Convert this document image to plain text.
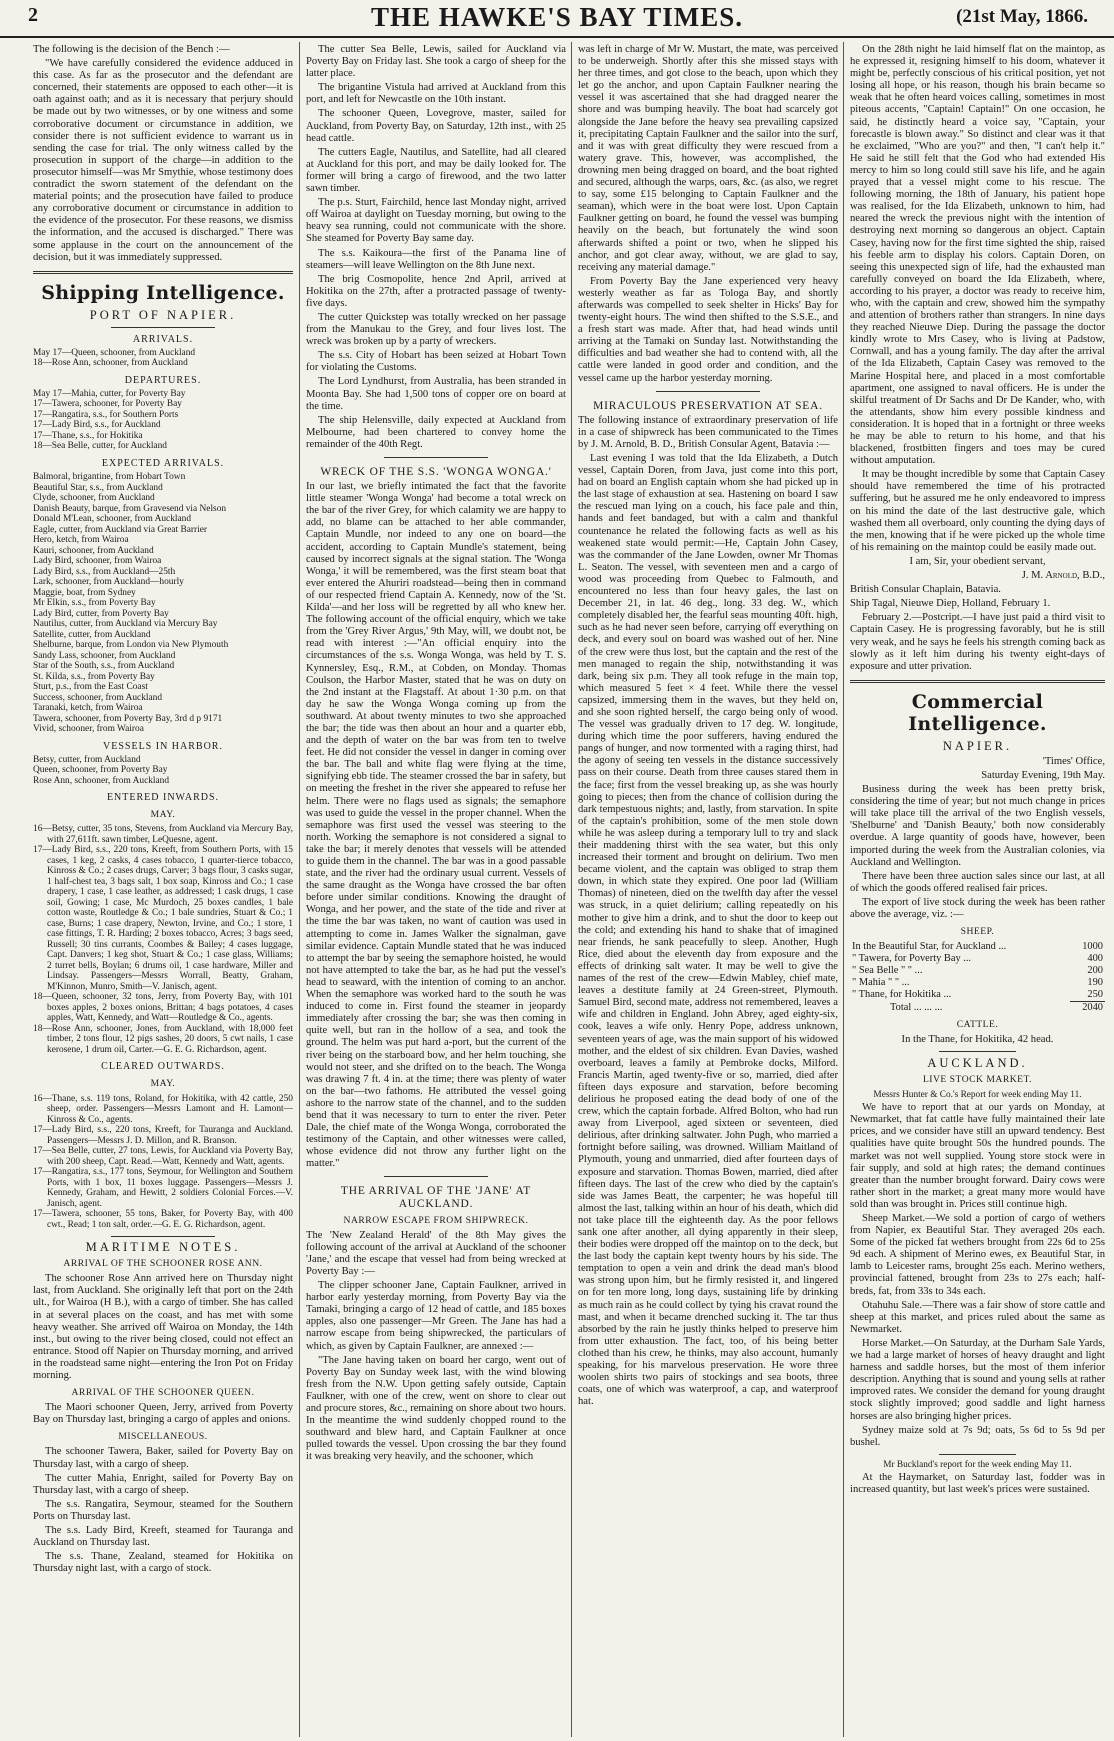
2	THE HAWKE'S BAY TIMES.	(21st May, 1866.

The following is the decision of the Bench :—

"We have carefully considered the evidence adduced in this case. As far as the prosecutor and the defendant are concerned, their statements are opposed to each other—it is oath against oath; and as it is necessary that perjury should be made out by two witnesses, or by one witness and some corroborative document or circumstance in addition, we consider there is not sufficient evidence to warrant us in sending the case for trial. The only witness called by the prosecution in support of the charge—in addition to the prosecutor himself—was Mr Smythie, whose testimony does contradict the sworn statement of the defendant on the material points; and the prosecution have failed to produce any corroborative document or circumstance in addition to the evidence of the prosecutor. For these reasons, we dismiss the information, and the accused is discharged." There was some applause in the court on the announcement of the decision, but it was immediately suppressed.

Shipping Intelligence.
PORT OF NAPIER.
ARRIVALS.
May 17—Queen, schooner, from Auckland
18—Rose Ann, schooner, from Auckland
DEPARTURES.
May 17—Mahia, cutter, for Poverty Bay
17—Tawera, schooner, for Poverty Bay
17—Rangatira, s.s., for Southern Ports
17—Lady Bird, s.s., for Auckland
17—Thane, s.s., for Hokitika
18—Sea Belle, cutter, for Auckland
EXPECTED ARRIVALS.
Balmoral, brigantine, from Hobart Town
Beautiful Star, s.s., from Auckland
Clyde, schooner, from Auckland
Danish Beauty, barque, from Gravesend via Nelson
Donald M'Lean, schooner, from Auckland
Eagle, cutter, from Auckland via Great Barrier
Hero, ketch, from Wairoa
Kauri, schooner, from Auckland
Lady Bird, schooner, from Wairoa
Lady Bird, s.s., from Auckland—25th
Lark, schooner, from Auckland—hourly
Maggie, boat, from Sydney
Mr Elkin, s.s., from Poverty Bay
Lady Bird, cutter, from Poverty Bay
Nautilus, cutter, from Auckland via Mercury Bay
Satellite, cutter, from Auckland
Shelburne, barque, from London via New Plymouth
Sandy Lass, schooner, from Auckland
Star of the South, s.s., from Auckland
St. Kilda, s.s., from Poverty Bay
Sturt, p.s., from the East Coast
Success, schooner, from Auckland
Taranaki, ketch, from Wairoa
Tawera, schooner, from Poverty Bay, 3rd d p 9171
Vivid, schooner, from Wairoa
VESSELS IN HARBOR.
Betsy, cutter, from Auckland
Queen, schooner, from Poverty Bay
Rose Ann, schooner, from Auckland
ENTERED INWARDS.
MAY.
16—Betsy, cutter, 35 tons, Stevens, from Auckland via Mercury Bay, with 27,611ft. sawn timber, LeQuesne, agent.
17—Lady Bird, s.s., 220 tons, Kreeft, from Southern Ports, with 15 cases, 1 keg, 2 casks, 4 cases tobacco, 1 quarter-tierce tobacco, Kinross & Co.; 2 cases drugs, Carver; 3 bags flour, 3 casks sugar, 1 half-chest tea, 3 bags salt, 1 box soap, Kinross and Co.; 1 case drapery, 1 case, 1 case leather, as addressed; 1 cask drugs, 1 case soil, Gowing; 1 case, Mc Murdoch, 25 boxes candles, 1 bale cotton waste, Routledge & Co.; 1 bale sundries, Stuart & Co.; 1 case, Burns; 1 case drapery, Newton, Irvine, and Co.; 1 store, 1 case fittings, T. R. Harding; 2 boxes tobacco, Acres; 3 bags seed, Russell; 30 tins currants, Coombes & Bailey; 4 cases luggage, Capt. Danvers; 1 keg shot, Stuart & Co.; 1 case glass, Williams; 2 turret bells, Boylan; 6 drums oil, 1 case hardware, Miller and Lindsay. Passengers—Messrs Worrall, Beatty, Graham, M'Kinnon, Munro, Smith—V. Janisch, agent.
18—Queen, schooner, 32 tons, Jerry, from Poverty Bay, with 101 boxes apples, 2 boxes onions, Brittan; 4 bags potatoes, 4 cases apples, Watt, Kennedy, and Watt—Routledge & Co., agents.
18—Rose Ann, schooner, Jones, from Auckland, with 18,000 feet timber, 2 tons flour, 12 pigs sashes, 20 doors, 5 cwt nails, 1 case kerosene, 1 drum oil, Carter.—G. E. G. Richardson, agent.
CLEARED OUTWARDS.
MAY.
16—Thane, s.s. 119 tons, Roland, for Hokitika, with 42 cattle, 250 sheep, order. Passengers—Messrs Lamont and H. Lamont—Kinross & Co., agents.
17—Lady Bird, s.s., 220 tons, Kreeft, for Tauranga and Auckland. Passengers—Messrs J. D. Millon, and R. Branson.
17—Sea Belle, cutter, 27 tons, Lewis, for Auckland via Poverty Bay, with 200 sheep, Capt. Read.—Watt, Kennedy and Watt, agents.
17—Rangatira, s.s., 177 tons, Seymour, for Wellington and Southern Ports, with 1 box, 11 boxes luggage. Passengers—Messrs J. Kennedy, Graham, and Hewitt, 2 soldiers Colonial Forces.—V. Janisch, agent.
17—Tawera, schooner, 55 tons, Baker, for Poverty Bay, with 400 cwt., Read; 1 ton salt, order.—G. E. G. Richardson, agent.
MARITIME NOTES.
ARRIVAL OF THE SCHOONER ROSE ANN.

The schooner Rose Ann arrived here on Thursday night last, from Auckland. She originally left that port on the 24th ult., for Wairoa (H B.), with a cargo of timber. She has called in at several places on the coast, and has met with some heavy weather. She arrived off Wairoa on Monday, the 14th inst., but owing to the river being closed, could not effect an entrance. Stood off Napier on Thursday morning, and arrived in the roadstead same night—entering the Iron Pot on Friday morning.

ARRIVAL OF THE SCHOONER QUEEN.

The Maori schooner Queen, Jerry, arrived from Poverty Bay on Thursday last, bringing a cargo of apples and onions.

MISCELLANEOUS.

The schooner Tawera, Baker, sailed for Poverty Bay on Thursday last, with a cargo of sheep.

The cutter Mahia, Enright, sailed for Poverty Bay on Thursday last, with a cargo of sheep.

The s.s. Rangatira, Seymour, steamed for the Southern Ports on Thursday last.

The s.s. Lady Bird, Kreeft, steamed for Tauranga and Auckland on Thursday last.

The s.s. Thane, Zealand, steamed for Hokitika on Thursday night last, with a cargo of stock.

The cutter Sea Belle, Lewis, sailed for Auckland via Poverty Bay on Friday last. She took a cargo of sheep for the latter place.

The brigantine Vistula had arrived at Auckland from this port, and left for Newcastle on the 10th instant.

The schooner Queen, Lovegrove, master, sailed for Auckland, from Poverty Bay, on Saturday, 12th inst., with 25 head cattle.

The cutters Eagle, Nautilus, and Satellite, had all cleared at Auckland for this port, and may be daily looked for. The former will bring a cargo of firewood, and the two latter sawn timber.

The p.s. Sturt, Fairchild, hence last Monday night, arrived off Wairoa at daylight on Tuesday morning, but owing to the heavy sea running, could not communicate with the shore. She steamed for Poverty Bay same day.

The s.s. Kaikoura—the first of the Panama line of steamers—will leave Wellington on the 8th June next.

The brig Cosmopolite, hence 2nd April, arrived at Hokitika on the 27th, after a protracted passage of twenty-five days.

The cutter Quickstep was totally wrecked on her passage from the Manukau to the Grey, and four lives lost. The wreck was broken up by a party of wreckers.

The s.s. City of Hobart has been seized at Hobart Town for violating the Customs.

The Lord Lyndhurst, from Australia, has been stranded in Moonta Bay. She had 1,500 tons of copper ore on board at the time.

The ship Helensville, daily expected at Auckland from Melbourne, had been chartered to convey home the remainder of the 40th Regt.

WRECK OF THE S.S. 'WONGA WONGA.'

In our last, we briefly intimated the fact that the favorite little steamer 'Wonga Wonga' had become a total wreck on the bar of the river Grey, for which calamity we are happy to add, no blame can be attached to her able commander, Captain Mundle, nor indeed to any one on board—the accident, according to Captain Mundle's statement, being caused by incorrect signals at the signal station. The 'Wonga Wonga,' it will be remembered, was the first steam boat that ever entered the Ahuriri roadstead—being then in command of our respected friend Captain A. Kennedy, now of the 'St. Kilda'—and her loss will be regretted by all who knew her. The following account of the official enquiry, which we take from the 'Grey River Argus,' 9th May, will, we doubt not, be read with interest :—"An official enquiry into the circumstances of the s.s. Wonga Wonga, was held by T. S. Kynnersley, Esq., R.M., at Cobden, on Monday. Thomas Coulson, the Harbor Master, stated that he was on duty on the 2nd instant at the Flagstaff. At about 1·30 p.m. on that day he saw the Wonga Wonga coming up from the southward. At about twenty minutes to two she approached the bar; the tide was then about an hour and a quarter ebb, and the depth of water on the bar was from ten to twelve feet. He did not consider the vessel in danger in coming over the bar. The ball and white flag were flying at the time, signifying ebb tide. The steamer crossed the bar in safety, but on meeting the freshet in the river she appeared to refuse her helm. There were no flags used as signals; the semaphore was used to guide the vessel in the proper channel. When the semaphore was first used the vessel was steering to the north. Working the semaphore is not considered a signal to take the bar; it merely denotes that vessels will be attended to guide them in the channel. The bar was in a good passable state, and the river had the ordinary usual current. Vessels of the same draught as the Wonga have crossed the bar often before under similar conditions. Knowing the draught of Wonga, and her power, and the state of the tide and river at the time the bar was taken, no want of caution was used in attempting to come in. James Walker the signalman, gave similar evidence. Captain Mundle stated that he was induced to attempt the bar by seeing the semaphore hoisted, he would not have attempted to take the bar, as he had put the vessel's head to seaward, with the intention of coming to an anchor. When the semaphore was worked hard to the south he was induced to come in. First found the steamer in jeopardy immediately after crossing the bar; she was then coming in quite well, but ran in the hollow of a sea, and took the ground. The helm was put hard a-port, but the current of the river being on the starboard bow, and her helm touching, she would not steer, and she drifted on to the beach. The Wonga was drawing 7 ft. 4 in. at the time; there was plenty of water on the bar—two fathoms. He attributed the vessel going ashore to the narrow state of the channel, and to the sudden bend that it was necessary to turn to enter the river. Peter Dale, the chief mate of the Wonga Wonga, corroborated the testimony of the Captain, and other witnesses were called, whose evidence did not throw any further light on the matter."

THE ARRIVAL OF THE 'JANE' AT AUCKLAND.
NARROW ESCAPE FROM SHIPWRECK.

The 'New Zealand Herald' of the 8th May gives the following account of the arrival at Auckland of the schooner 'Jane,' and the escape that vessel had from being wrecked at Poverty Bay :—

The clipper schooner Jane, Captain Faulkner, arrived in harbor early yesterday morning, from Poverty Bay via the Tamaki, bringing a cargo of 12 head of cattle, and 185 boxes apples, also one passenger—Mr Green. The Jane has had a narrow escape from being shipwrecked, the particulars of which, as given by Captain Faulkner, are annexed :—

"The Jane having taken on board her cargo, went out of Poverty Bay on Sunday week last, with the wind blowing fresh from the N.W. Upon getting safely outside, Captain Faulkner, with one of the crew, went on shore to clear out and procure stores, &c., remaining on shore about two hours. In the meantime the wind suddenly chopped round to the southward and blew hard, and Captain Faulkner at once pulled towards the vessel. Upon crossing the bar they found it was breaking very heavily, and the schooner, which

was left in charge of Mr W. Mustart, the mate, was perceived to be underweigh. Shortly after this she missed stays with her three times, and got close to the beach, upon which they let go the anchor, and upon Captain Faulkner nearing the vessel it was ascertained that she had dragged nearer the shore and was bumping heavily. The boat had scarcely got alongside the Jane before the heavy sea prevailing capsized it, precipitating Captain Faulkner and the sailor into the surf, and it was with great difficulty they were rescued from a watery grave. This, however, was accomplished, the drowning men being dragged on board, and the boat righted and secured, although the warps, oars, &c. (as also, we regret to say, some £15 belonging to Captain Faulkner and the seaman), which were in the boat were lost. Upon Captain Faulkner getting on board, he found the vessel was bumping heavily on the beach, but fortunately the wind soon afterwards shifted a point or two, when he slipped his anchor, and got clear away, without, we are glad to say, receiving any material damage."

From Poverty Bay the Jane experienced very heavy westerly weather as far as Tologa Bay, and shortly afterwards was compelled to seek shelter in Hicks' Bay for twenty-eight hours. The wind then shifted to the S.S.E., and a fresh start was made. After that, had head winds until arriving at the Tamaki on Sunday last. Notwithstanding the difficulties and bad weather she had to contend with, all the cattle were landed in good order and condition, and the vessel came up the harbor yesterday morning.

MIRACULOUS PRESERVATION AT SEA.

The following instance of extraordinary preservation of life in a case of shipwreck has been communicated to the Times by J. M. Arnold, B. D., British Consular Agent, Batavia :—

Last evening I was told that the Ida Elizabeth, a Dutch vessel, Captain Doren, from Java, just come into this port, had on board an English captain whom she had picked up in the last stage of exhaustion at sea. Hastening on board I saw the rescued man lying on a couch, his face pale and thin, hands and feet bandaged, but with a calm and thankful countenance he related the following facts as well as his weakened state would permit:—He, Captain John Casey, was the commander of the Jane Lowden, owner Mr Thomas L. Seaton. The vessel, with seventeen men and a cargo of wood was proceeding from Quebec to Falmouth, and encountered no less than four heavy gales, the last on December 21, in lat. 46 deg., long. 33 deg. W., which completely disabled her, the fearful seas mounting 40ft. high, such as he had never seen before, carrying off everything on deck, and every soul on board was washed out of her. Nine of the crew were thus lost, but the captain and the rest of the men managed to regain the ship, notwithstanding it was dark, being six p.m. They all took refuge in the main top, which measured 5 feet × 4 feet. While there the vessel capsized, immersing them in the waves, but they held on, and she soon righted herself, the cargo being only of wood. The vessel was gradually driven to 17 deg. W. longitude, during which time the poor sufferers, having endured the pangs of hunger, and now tormented with a raging thirst, had the agony of seeing ten vessels in the distance successively pass on their course. Death from three causes stared them in the face; first from the vessel breaking up, as she was hourly going to pieces; then from the chance of collision during the dark tempestuous nights; and, lastly, from starvation. In spite of the captain's prohibition, some of the men stole down while he was asleep during a temporary lull to try and slack their maddening thirst with the sea water, but this only increased their torment and brought on delirium. Two men became violent, and the captain was obliged to strap them down, in which state they expired. One poor lad (William Thomas) of nineteen, died on the twelfth day after the vessel was struck, in a quiet delirium; calling repeatedly on his mother to give him a drink, and to shut the door to keep out the cold; and extending his hand to shake that of imagined near friends, he sank peacefully to sleep. Another, Hugh Rice, died about the eleventh day from exposure and the effects of drinking salt water. It may be well to give the names of the rest of the crew—Edwin Mabley, chief mate, leaves a destitute family at 24 Green-street, Plymouth. Samuel Bird, second mate, address not remembered, leaves a wife and children in England. John Abrey, aged eighty-six, cook, leaves a wife only. Henry Pope, address unknown, seventeen years of age, was the main support of his widowed mother, and the eldest of six children. Evan Davies, washed overboard, leaves a family at Pembroke docks, Milford. Francis Martin, aged twenty-five or so, married, died after fifteen days exposure and starvation, before becoming delirious he proposed eating the dead body of one of the crew, which the captain forbade. Alfred Bolton, who had run away from Liverpool, aged sixteen or seventeen, died delirious, after drinking saltwater. John Pugh, who married a fortnight before sailing, was drowned. William Maitland of Plymouth, young and unmarried, died after fourteen days of exposure and starvation. Thomas Bowen, married, died after fifteen days. The last of the crew who died by the captain's side was James Beatt, the carpenter; he was hopeful till almost the last, talking within an hour of his death, which did not take place till the eighteenth day. As the poor fellows sank one after another, all dying apparently in their sleep, their bodies were dropped off the maintop on to the deck, but the last body the captain kept twenty hours by his side. The temptation to open a vein and drink the dead man's blood was strong upon him, but he firmly resisted it, and lingered on for ten more long, long days, sustaining life by drinking as much rain as he could collect by tying his cravat round the mast, and when it became drenched sucking it. The tar thus absorbed by the rain he justly thinks helped to preserve him from utter exhaustion. The fact, too, of his being better clothed than his crew, he thinks, may also account, humanly speaking, for his marvelous preservation. He wore three woolen shirts two pairs of stockings and sea boots, three coats, one of which was waterproof, a cap, and waterproof hat.

On the 28th night he laid himself flat on the maintop, as he expressed it, resigning himself to his doom, whatever it might be, perfectly conscious of his critical position, yet not losing all hope, or his reason, though his brain became so weak that he often heard voices calling, sometimes in most piteous accents, "Captain! Captain!" On one occasion, he said, he distinctly heard a voice say, "Captain, your forecastle is blown away." So distinct and clear was it that he exclaimed, "Who are you?" and then, "I can't help it." He said he still felt that the God who had extended His mercy to him so long could still save his life, and he again prayed that a vessel might come to his rescue. The following morning, the 18th of January, his patient hope was realised, for the Ida Elizabeth, unknown to him, had neared the wreck the previous night with the intention of destroying next morning so dangerous an object. Captain Casey, having now for the first time sighted the ship, raised his feeble arm to display his colors. Captain Doren, on seeing this unexpected sign of life, had the exhausted man carefully conveyed on board the Ida Elizabeth, where, according to his prayer, a doctor was ready to receive him, who, with the captain and crew, showed him the sympathy and attention of brothers rather than strangers. In nine days they reached Nieuwe Diep. During the passage the doctor kindly wrote to Mrs Casey, who is living at Padstow, Cornwall, and has a young family. The day after the arrival of the Ida Elizabeth, Captain Casey was removed to the Marine Hospital here, and placed in a most comfortable apartment, one assigned to naval officers. He is under the skilful treatment of Dr Sachs and Dr De Kander, who, with the attendants, show him every possible kindness and consideration. It is hoped that in a fortnight or three weeks he may be able to return to his home, and that his blackened, frostbitten fingers and toes may be cured without amputation.

It may be thought incredible by some that Captain Casey should have remembered the time of his protracted suffering, but he assured me he only endeavored to impress on his mind the date of the last destructive gale, which washed them all overboard, only counting the dying days of the men, knowing that if he were picked up the whole time of his remaining on the maintop could be easily made out.

I am, Sir, your obedient servant,

J. M. Arnold, B.D.,

British Consular Chaplain, Batavia.

Ship Tagal, Nieuwe Diep, Holland, February 1.

February 2.—Postcript.—I have just paid a third visit to Captain Casey. He is progressing favorably, but he is still very weak, and he says he feels his strength coming back as slowly as it left him during his twenty eight-days of exposure and utter privation.

Commercial Intelligence.
NAPIER.

'Times' Office,

Saturday Evening, 19th May.

Business during the week has been pretty brisk, considering the time of year; but not much change in prices will take place till the arrival of the two English vessels, 'Shelburne' and 'Danish Beauty,' both now considerably overdue. A large quantity of goods have, however, been imported during the week from the Australian colonies, via Auckland and Wellington.

There have been three auction sales since our last, at all of which the goods offered realised fair prices.

The export of live stock during the week has been rather above the average, viz. :—

SHEEP.
In the Beautiful Star, for Auckland ...	1000
" Tawera, for Poverty Bay ...	400
" Sea Belle " " ...	200
" Mahia " " ...	190
" Thane, for Hokitika ...	250
Total ... ... ...	2040
CATTLE.

In the Thane, for Hokitika, 42 head.

AUCKLAND.
LIVE STOCK MARKET.

Messrs Hunter & Co.'s Report for week ending May 11.

We have to report that at our yards on Monday, at Newmarket, that fat cattle have fully maintained their late prices, and we consider have still an upward tendency. Best qualities have quite brought 50s the hundred pounds. The market was not well supplied. Young store stock were in fair supply, and sold at high rates; the demand continues greater than the number brought forward. Dairy cows were rather short in the market; a great many more would have sold than was brought in. Prices still continue high.

Sheep Market.—We sold a portion of cargo of wethers from Napier, ex Beautiful Star. They averaged 20s each. Some of the picked fat wethers brought from 22s 6d to 25s 9d each. A shipment of Merino ewes, ex Beautiful Star, in lamb to Leicester rams, brought 25s each. Merino wethers, provincial fattened, brought from 23s to 27s each; half-breds, fat, from 33s to 34s each.

Otahuhu Sale.—There was a fair show of store cattle and sheep at this market, and prices ruled about the same as Newmarket.

Horse Market.—On Saturday, at the Durham Sale Yards, we had a large market of horses of heavy draught and light harness and saddle horses, but the most of them inferior description. Anything that is sound and young sells at rather improved rates. We consider the demand for young draught stock slightly improved; good saddle and light harness horses are also bringing higher prices.

Sydney maize sold at 7s 9d; oats, 5s 6d to 5s 9d per bushel.

Mr Buckland's report for the week ending May 11.

At the Haymarket, on Saturday last, fodder was in increased quantity, but last week's prices were sustained.
